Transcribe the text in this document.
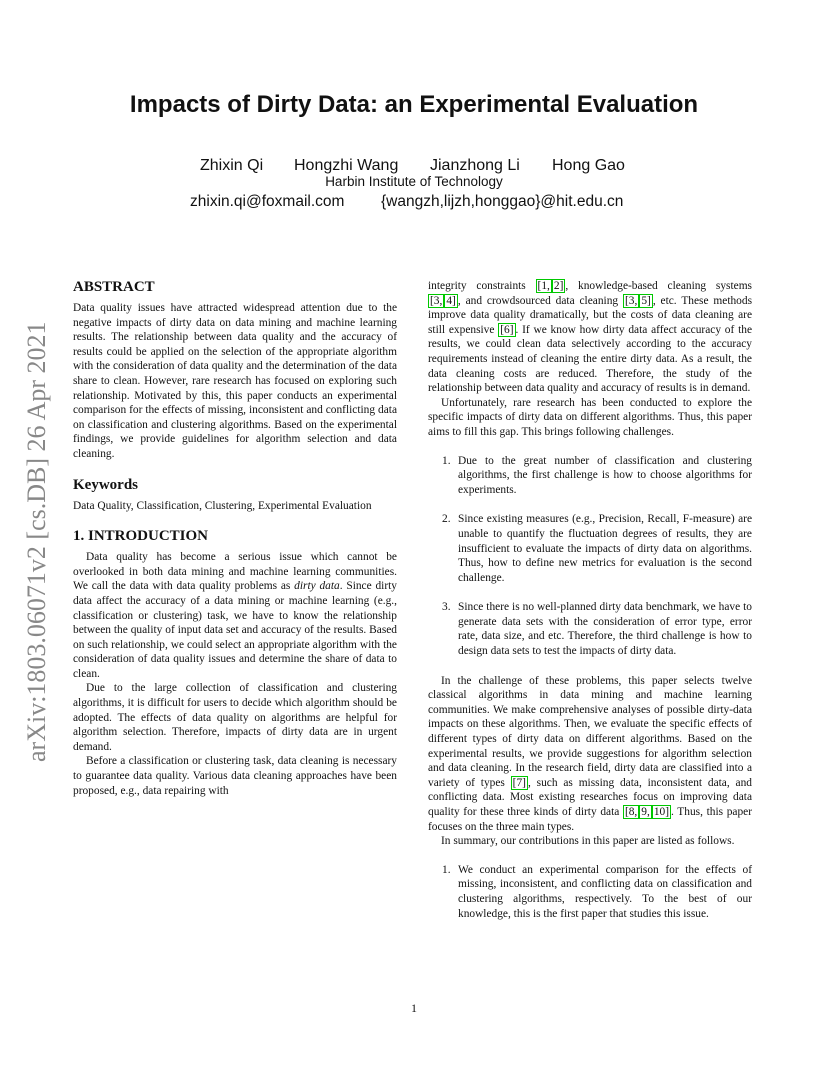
Impacts of Dirty Data: an Experimental Evaluation
Zhixin Qi Hongzhi Wang Jianzhong Li Hong Gao
Harbin Institute of Technology
zhixin.qi@foxmail.com {wangzh,lijzh,honggao}@hit.edu.cn
arXiv:1803.06071v2 [cs.DB] 26 Apr 2021
ABSTRACT

Data quality issues have attracted widespread attention due to the negative impacts of dirty data on data mining and machine learning results. The relationship between data quality and the accuracy of results could be applied on the selection of the appropriate algorithm with the consideration of data quality and the determination of the data share to clean. However, rare research has focused on exploring such relationship. Motivated by this, this paper conducts an experimental comparison for the effects of missing, inconsistent and conflicting data on classification and clustering algorithms. Based on the experimental findings, we provide guidelines for algorithm selection and data cleaning.

Keywords

Data Quality, Classification, Clustering, Experimental Evaluation

1. INTRODUCTION

Data quality has become a serious issue which cannot be overlooked in both data mining and machine learning communities. We call the data with data quality problems as dirty data. Since dirty data affect the accuracy of a data mining or machine learning (e.g., classification or clustering) task, we have to know the relationship between the quality of input data set and accuracy of the results. Based on such relationship, we could select an appropriate algorithm with the consideration of data quality issues and determine the share of data to clean.

Due to the large collection of classification and clustering algorithms, it is difficult for users to decide which algorithm should be adopted. The effects of data quality on algorithms are helpful for algorithm selection. Therefore, impacts of dirty data are in urgent demand.

Before a classification or clustering task, data cleaning is necessary to guarantee data quality. Various data cleaning approaches have been proposed, e.g., data repairing with

integrity constraints [1, 2] , knowledge-based cleaning systems [3, 4] , and crowdsourced data cleaning [3, 5] , etc. These methods improve data quality dramatically, but the costs of data cleaning are still expensive [6] . If we know how dirty data affect accuracy of the results, we could clean data selectively according to the accuracy requirements instead of cleaning the entire dirty data. As a result, the data cleaning costs are reduced. Therefore, the study of the relationship between data quality and accuracy of results is in demand.

Unfortunately, rare research has been conducted to explore the specific impacts of dirty data on different algorithms. Thus, this paper aims to fill this gap. This brings following challenges.

1. Due to the great number of classification and clustering algorithms, the first challenge is how to choose algorithms for experiments.
2. Since existing measures (e.g., Precision, Recall, F-measure) are unable to quantify the fluctuation degrees of results, they are insufficient to evaluate the impacts of dirty data on algorithms. Thus, how to define new metrics for evaluation is the second challenge.
3. Since there is no well-planned dirty data benchmark, we have to generate data sets with the consideration of error type, error rate, data size, and etc. Therefore, the third challenge is how to design data sets to test the impacts of dirty data.

In the challenge of these problems, this paper selects twelve classical algorithms in data mining and machine learning communities. We make comprehensive analyses of possible dirty-data impacts on these algorithms. Then, we evaluate the specific effects of different types of dirty data on different algorithms. Based on the experimental results, we provide suggestions for algorithm selection and data cleaning. In the research field, dirty data are classified into a variety of types [7] , such as missing data, inconsistent data, and conflicting data. Most existing researches focus on improving data quality for these three kinds of dirty data [8, 9, 10] . Thus, this paper focuses on the three main types.

In summary, our contributions in this paper are listed as follows.

1. We conduct an experimental comparison for the effects of missing, inconsistent, and conflicting data on classification and clustering algorithms, respectively. To the best of our knowledge, this is the first paper that studies this issue.
1
